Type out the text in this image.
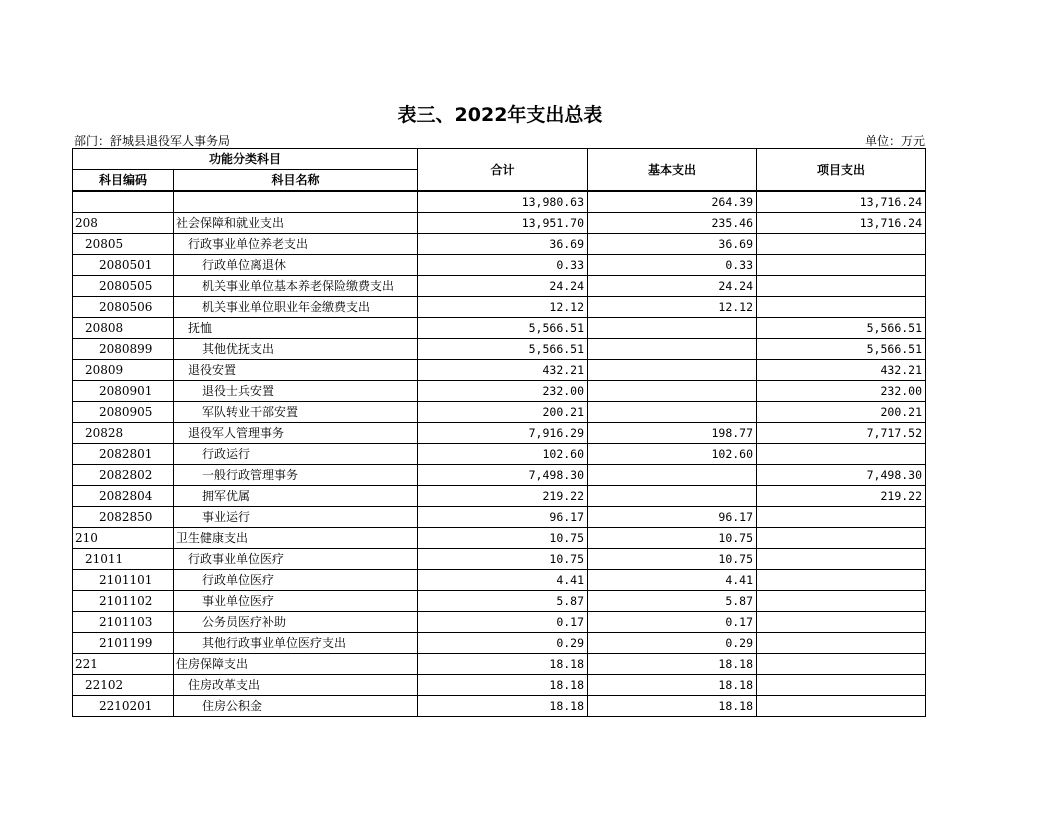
表三、2022年支出总表
部门：舒城县退役军人事务局	单位：万元
功能分类科目		合计	基本支出	项目支出
科目编码	科目名称			
		13,980.63	264.39	13,716.24
208	社会保障和就业支出	13,951.70	235.46	13,716.24
20805	行政事业单位养老支出	36.69	36.69	
2080501	行政单位离退休	0.33	0.33	
2080505	机关事业单位基本养老保险缴费支出	24.24	24.24	
2080506	机关事业单位职业年金缴费支出	12.12	12.12	
20808	抚恤	5,566.51		5,566.51
2080899	其他优抚支出	5,566.51		5,566.51
20809	退役安置	432.21		432.21
2080901	退役士兵安置	232.00		232.00
2080905	军队转业干部安置	200.21		200.21
20828	退役军人管理事务	7,916.29	198.77	7,717.52
2082801	行政运行	102.60	102.60	
2082802	一般行政管理事务	7,498.30		7,498.30
2082804	拥军优属	219.22		219.22
2082850	事业运行	96.17	96.17	
210	卫生健康支出	10.75	10.75	
21011	行政事业单位医疗	10.75	10.75	
2101101	行政单位医疗	4.41	4.41	
2101102	事业单位医疗	5.87	5.87	
2101103	公务员医疗补助	0.17	0.17	
2101199	其他行政事业单位医疗支出	0.29	0.29	
221	住房保障支出	18.18	18.18	
22102	住房改革支出	18.18	18.18	
2210201	住房公积金	18.18	18.18	
